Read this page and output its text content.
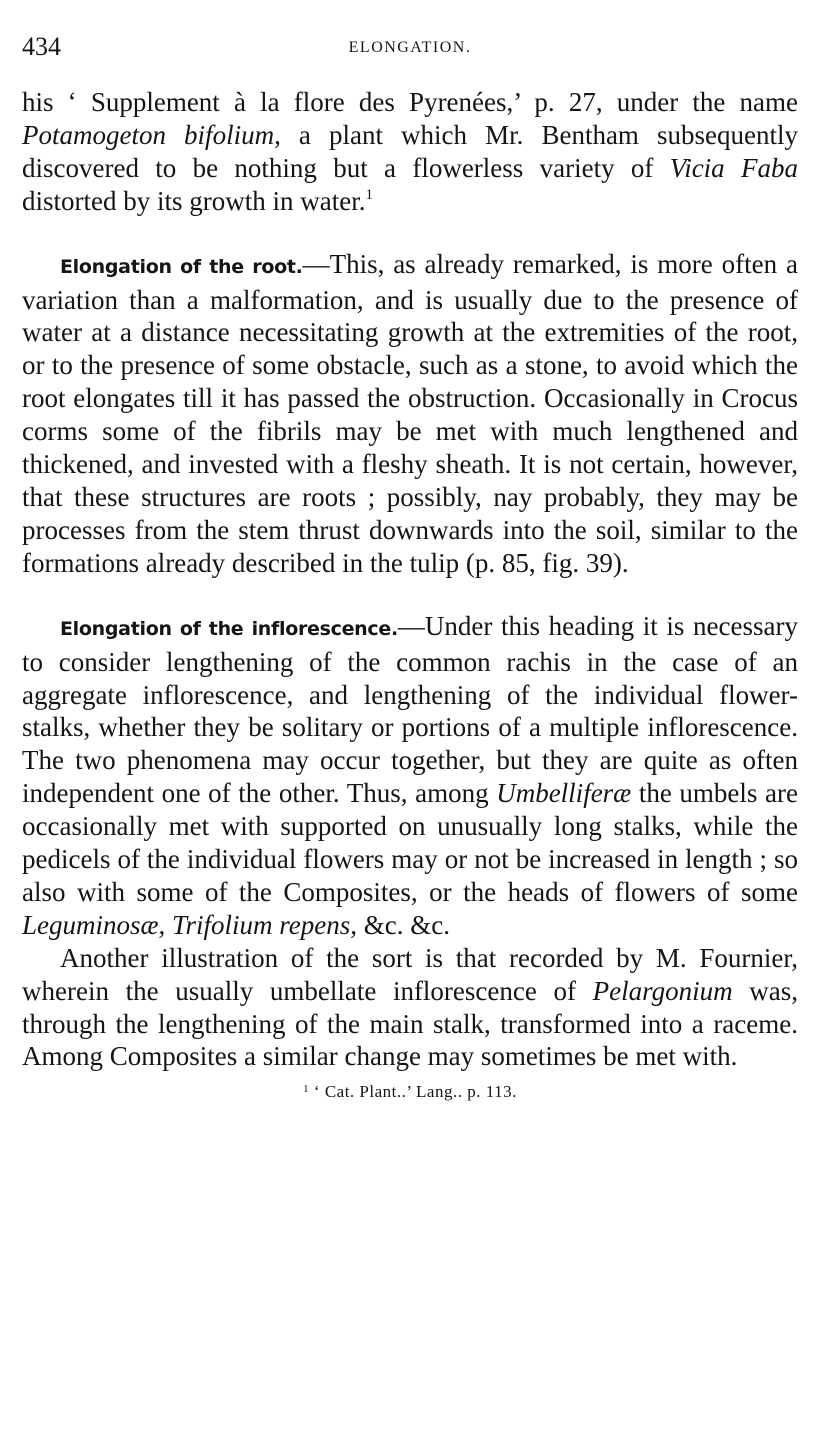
434	ELONGATION.

his ‘ Supplement à la flore des Pyrenées,’ p. 27, under the name Potamogeton bifolium, a plant which Mr. Bentham subsequently discovered to be nothing but a flowerless variety of Vicia Faba distorted by its growth in water.$^1$

Elongation of the root.—This, as already remarked, is more often a variation than a malformation, and is usually due to the presence of water at a distance necessitating growth at the extremities of the root, or to the presence of some obstacle, such as a stone, to avoid which the root elongates till it has passed the obstruction. Occasionally in Crocus corms some of the fibrils may be met with much lengthened and thickened, and invested with a fleshy sheath. It is not certain, however, that these structures are roots ; possibly, nay probably, they may be processes from the stem thrust downwards into the soil, similar to the formations already described in the tulip (p. 85, fig. 39).

Elongation of the inflorescence.—Under this heading it is necessary to consider lengthening of the common rachis in the case of an aggregate inflorescence, and lengthening of the individual flower-stalks, whether they be solitary or portions of a multiple inflorescence. The two phenomena may occur together, but they are quite as often independent one of the other. Thus, among Umbelliferæ the umbels are occasionally met with supported on unusually long stalks, while the pedicels of the individual flowers may or not be increased in length ; so also with some of the Composites, or the heads of flowers of some Leguminosæ, Trifolium repens, &c. &c.

Another illustration of the sort is that recorded by M. Fournier, wherein the usually umbellate inflorescence of Pelargonium was, through the lengthening of the main stalk, transformed into a raceme. Among Composites a similar change may sometimes be met with.

$^1$ ‘ Cat. Plant..’ Lang.. p. 113.
